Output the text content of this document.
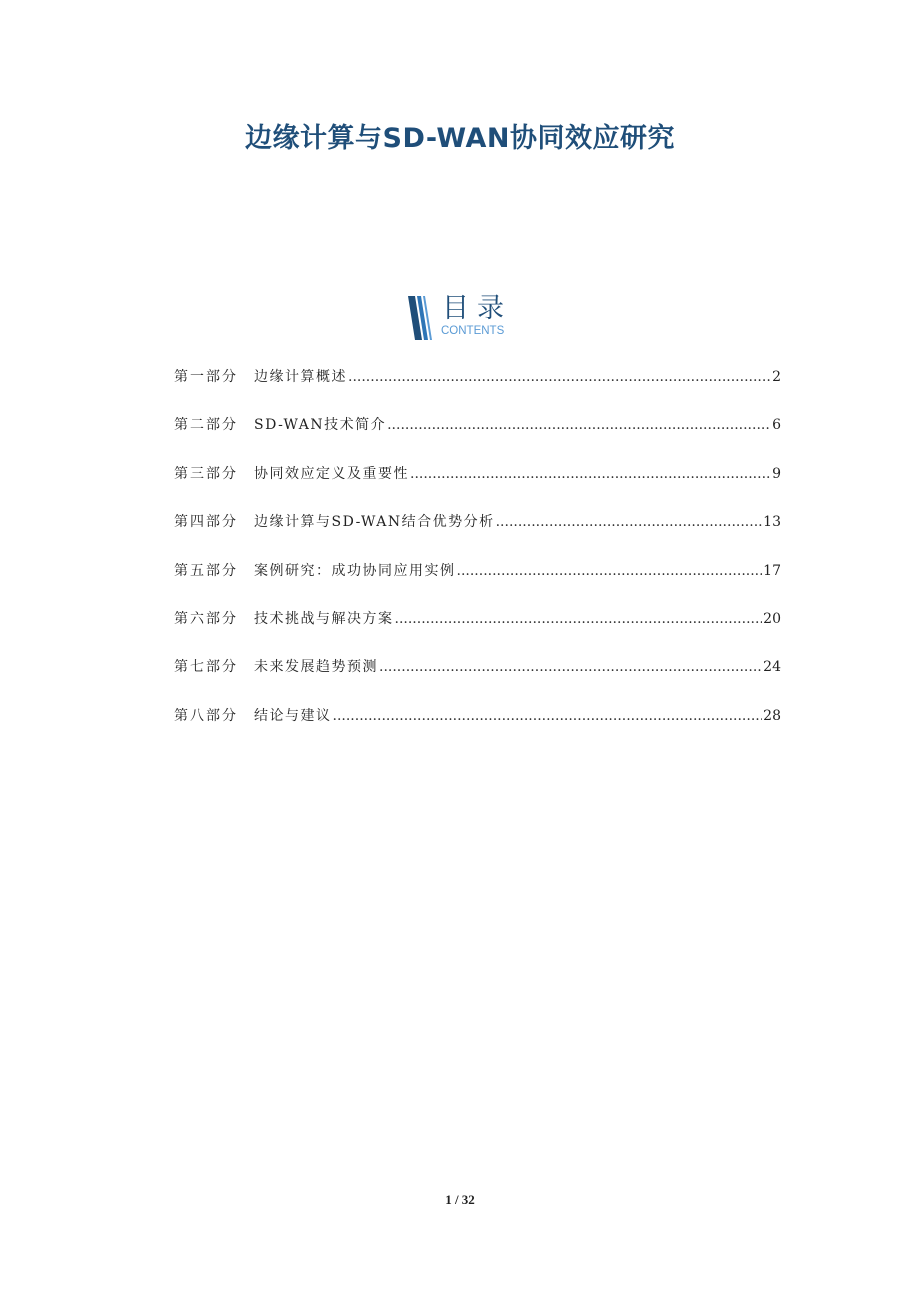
边缘计算与SD-WAN协同效应研究
目录
CONTENTS
第一部分	边缘计算概述 .....	2
第二部分	SD-WAN技术简介 .....	6
第三部分	协同效应定义及重要性 .....	9
第四部分	边缘计算与SD-WAN结合优势分析 .....	13
第五部分	案例研究：成功协同应用实例 .....	17
第六部分	技术挑战与解决方案 .....	20
第七部分	未来发展趋势预测 .....	24
第八部分	结论与建议 .....	28
1 / 32
